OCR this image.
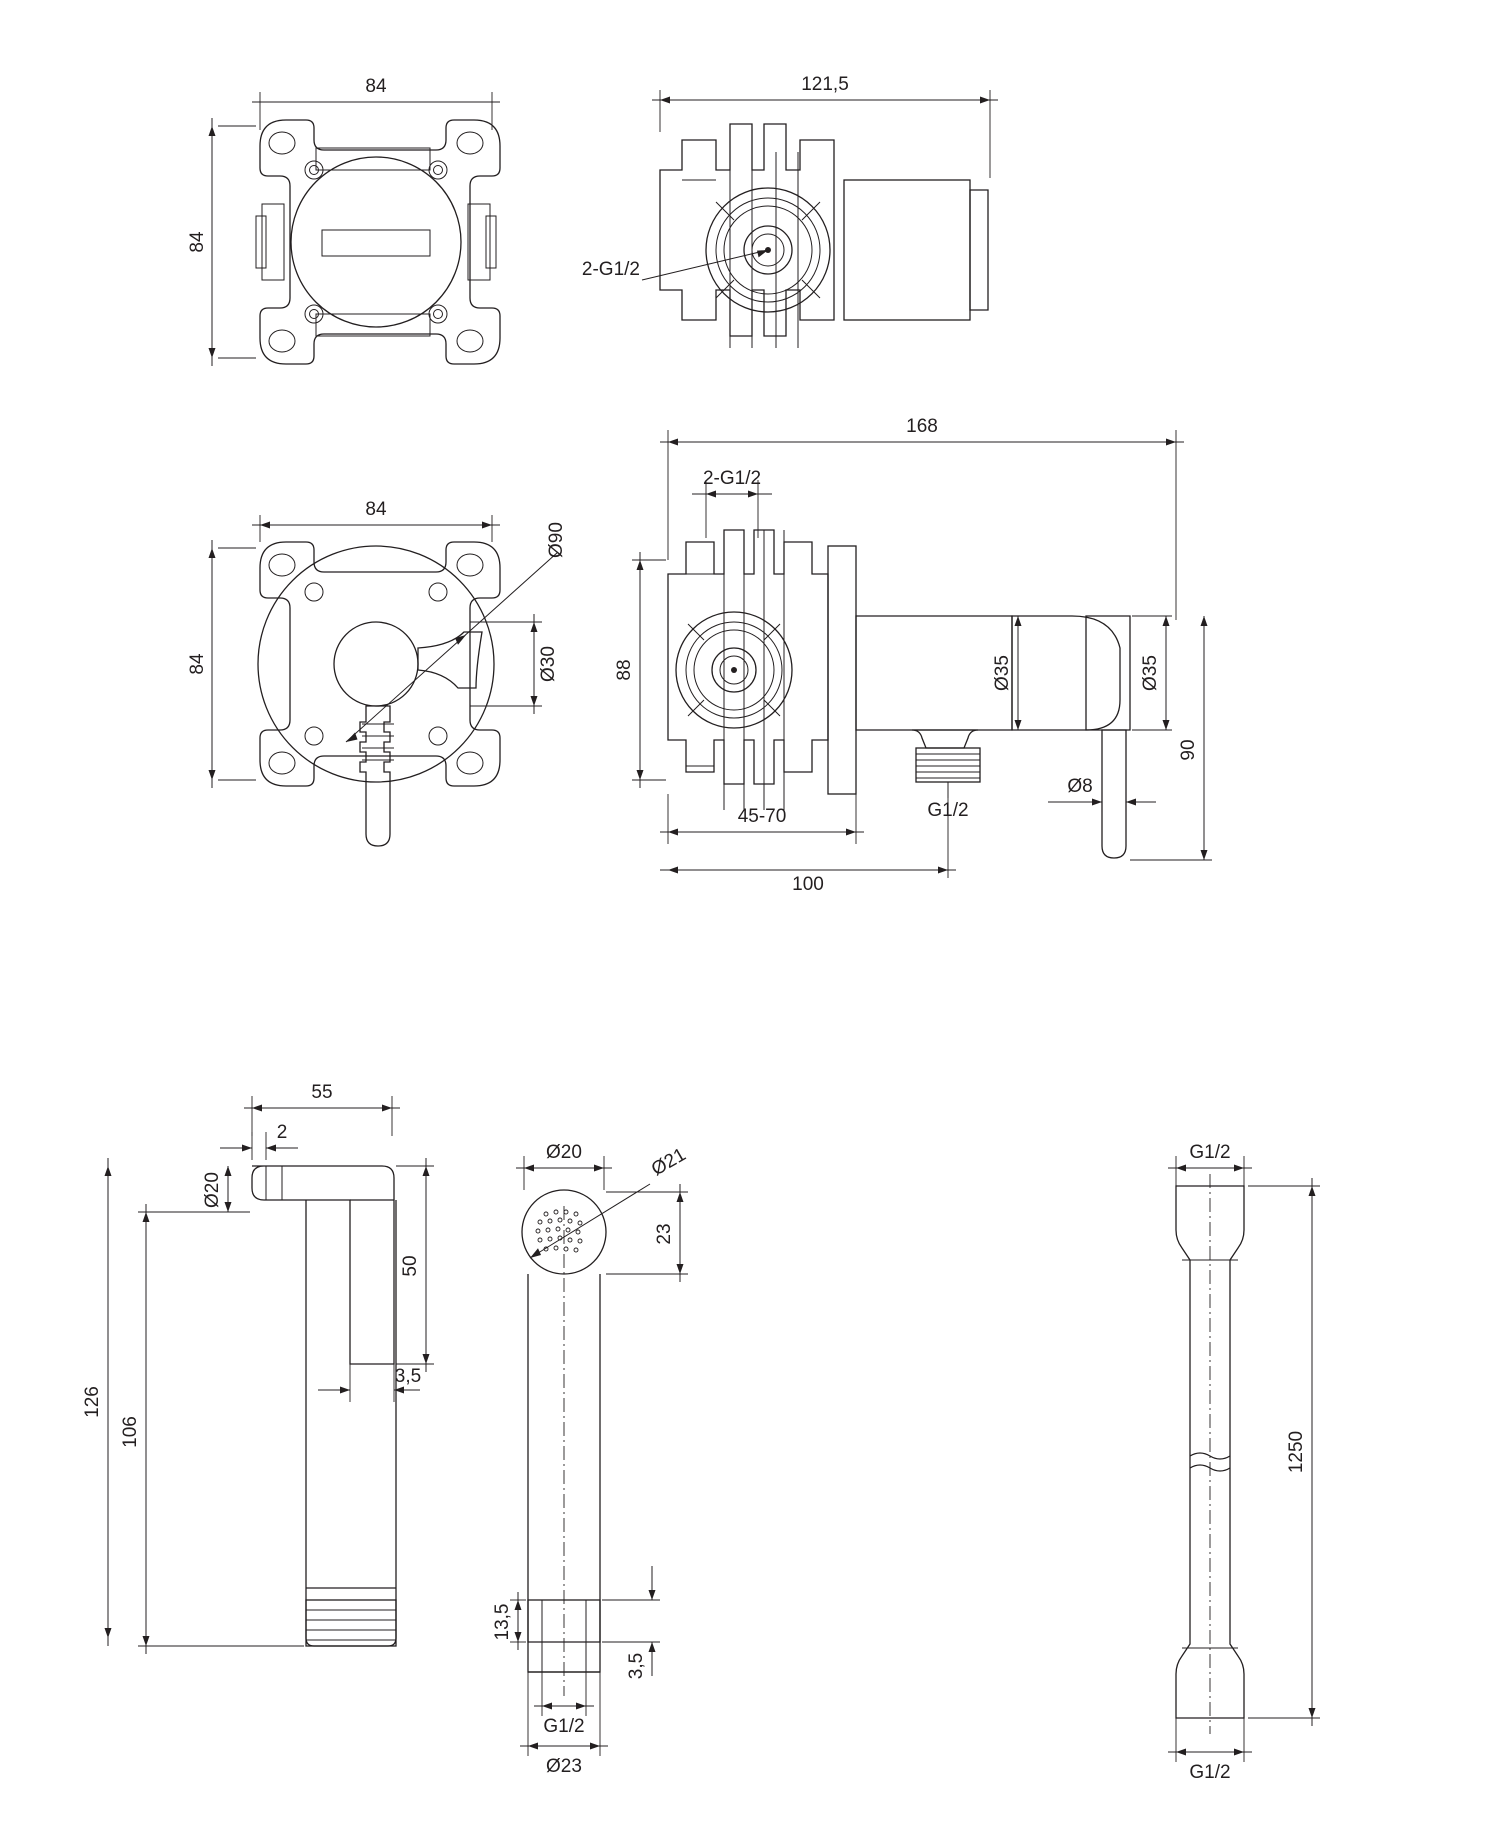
84
84
121,5
2-G1/2
84
84
Ø90
Ø30
168
2-G1/2
88	Ø35	Ø35
90
G1/2
Ø8
45-70
100
55
2
Ø20
50
3,5
126
106
Ø20	Ø21
23
13,5
3,5
G1/2
Ø23
G1/2
1250
G1/2
